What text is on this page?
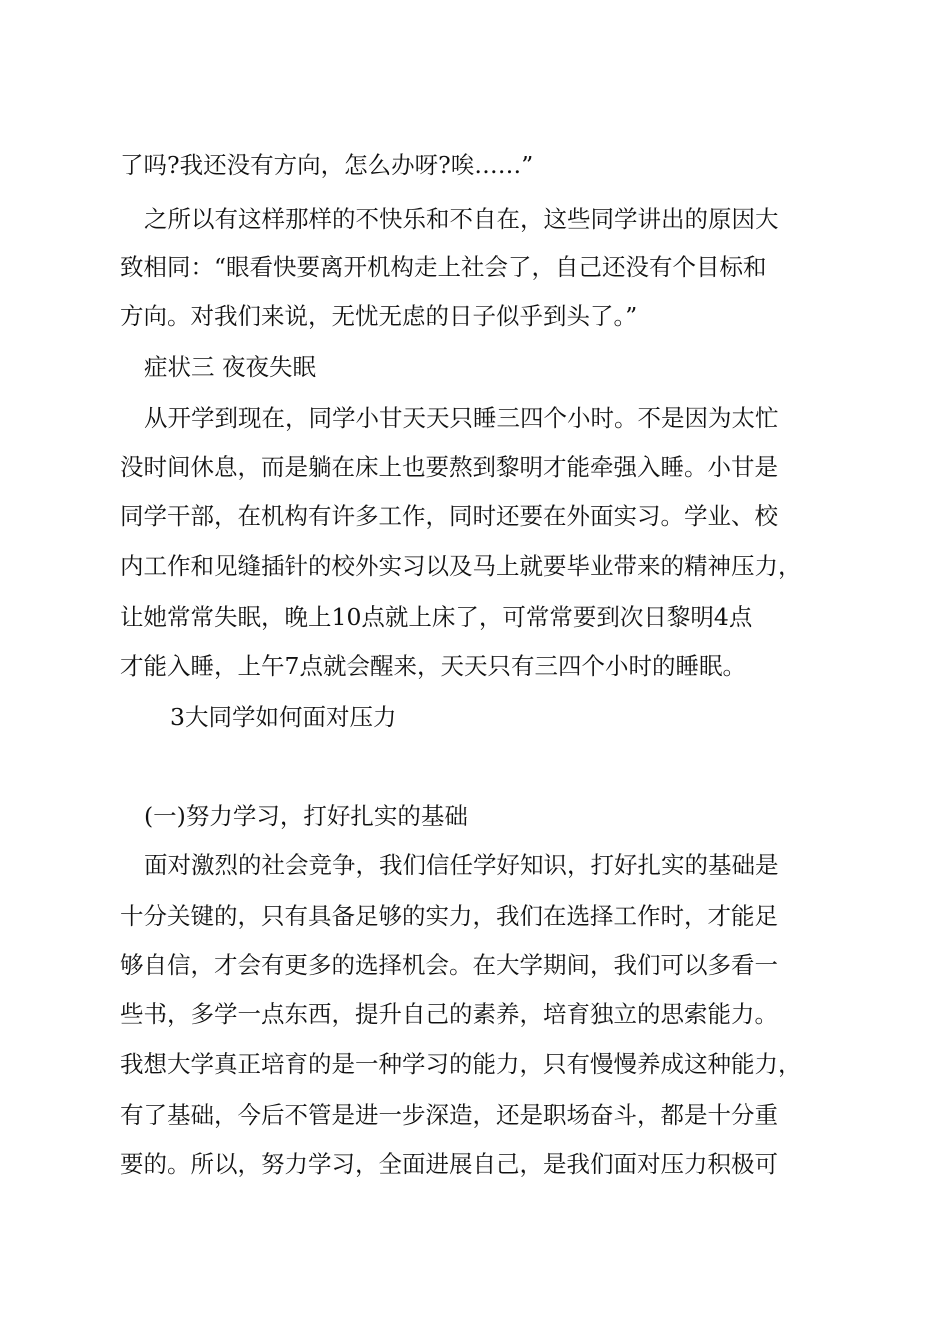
了吗?我还没有方向，怎么办呀?唉……”

之所以有这样那样的不快乐和不自在，这些同学讲出的原因大

致相同：“眼看快要离开机构走上社会了，自己还没有个目标和

方向。对我们来说，无忧无虑的日子似乎到头了。”

症状三 夜夜失眠

从开学到现在，同学小甘天天只睡三四个小时。不是因为太忙

没时间休息，而是躺在床上也要熬到黎明才能牵强入睡。小甘是

同学干部，在机构有许多工作，同时还要在外面实习。学业、校

内工作和见缝插针的校外实习以及马上就要毕业带来的精神压力，

让她常常失眠，晚上10点就上床了，可常常要到次日黎明4点

才能入睡，上午7点就会醒来，天天只有三四个小时的睡眠。

3大同学如何面对压力

(一)努力学习，打好扎实的基础

面对激烈的社会竞争，我们信任学好知识，打好扎实的基础是

十分关键的，只有具备足够的实力，我们在选择工作时，才能足

够自信，才会有更多的选择机会。在大学期间，我们可以多看一

些书，多学一点东西，提升自己的素养，培育独立的思索能力。

我想大学真正培育的是一种学习的能力，只有慢慢养成这种能力，

有了基础，今后不管是进一步深造，还是职场奋斗，都是十分重

要的。所以，努力学习，全面进展自己，是我们面对压力积极可
